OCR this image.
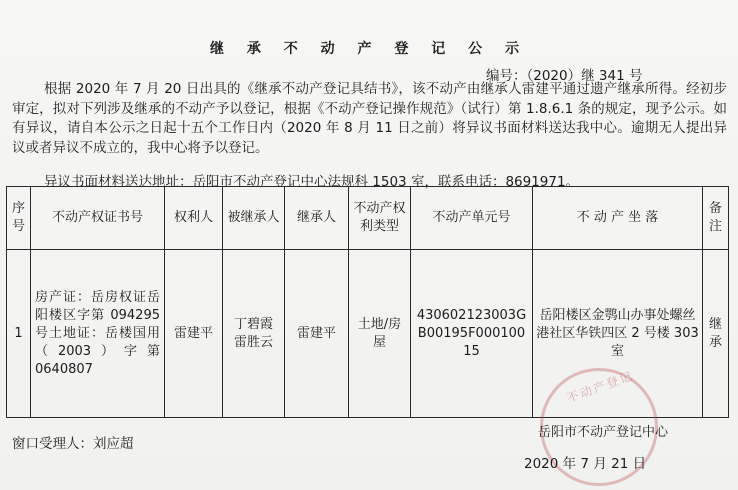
继 承 不 动 产 登 记 公 示
编号：（2020）继 341 号
根据 2020 年 7 月 20 日出具的《继承不动产登记具结书》，该不动产由继承人雷建平通过遗产继承所得。经初步审定，拟对下列涉及继承的不动产予以登记，根据《不动产登记操作规范》（试行）第 1.8.6.1 条的规定，现予公示。如有异议，请自本公示之日起十五个工作日内（2020 年 8 月 11 日之前）将异议书面材料送达我中心。逾期无人提出异议或者异议不成立的，我中心将予以登记。
异议书面材料送达地址：岳阳市不动产登记中心法规科 1503 室，联系电话：8691971。
序号	不动产权证书号	权利人	被继承人	继承人	不动产权利类型	不动产单元号	不 动 产 坐 落	备注
1	房产证：岳房权证岳阳楼区字第 094295 号土地证：岳楼国用（2003）字第 0640807	雷建平	丁碧霞 雷胜云	雷建平	土地/房屋	430602123003GB00195F00010015	岳阳楼区金鹗山办事处螺丝港社区华铁四区 2 号楼 303 室	继承
不动产登记
窗口受理人：刘应超
岳阳市不动产登记中心
2020 年 7 月 21 日
